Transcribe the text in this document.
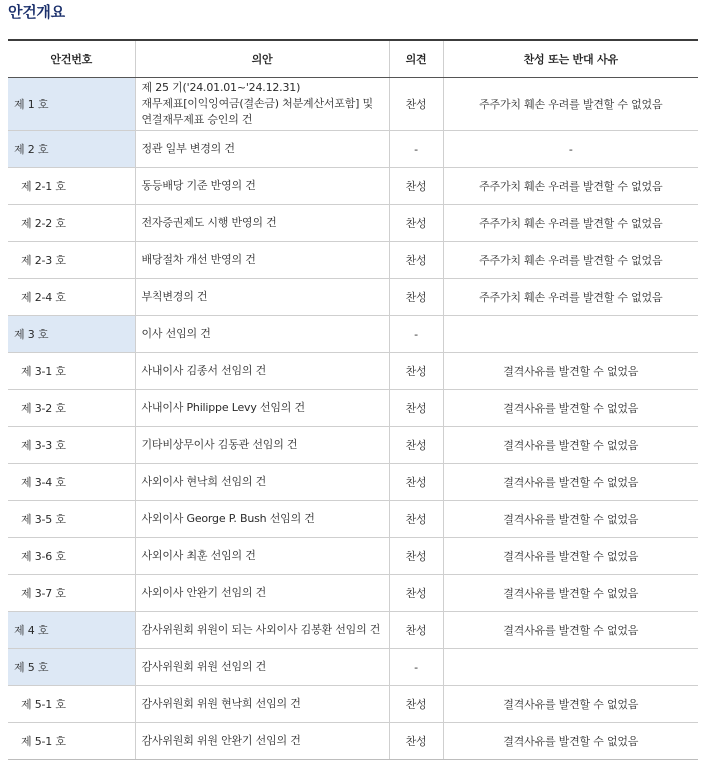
안건개요
안건번호	의안	의견	찬성 또는 반대 사유
제 1 호	제 25 기('24.01.01~'24.12.31)
재무제표[이익잉여금(결손금) 처분계산서포함] 및
연결재무제표 승인의 건	찬성	주주가치 훼손 우려를 발견할 수 없었음
제 2 호	정관 일부 변경의 건	-	-
제 2-1 호	동등배당 기준 반영의 건	찬성	주주가치 훼손 우려를 발견할 수 없었음
제 2-2 호	전자증권제도 시행 반영의 건	찬성	주주가치 훼손 우려를 발견할 수 없었음
제 2-3 호	배당절차 개선 반영의 건	찬성	주주가치 훼손 우려를 발견할 수 없었음
제 2-4 호	부칙변경의 건	찬성	주주가치 훼손 우려를 발견할 수 없었음
제 3 호	이사 선임의 건	-	
제 3-1 호	사내이사 김종서 선임의 건	찬성	결격사유를 발견할 수 없었음
제 3-2 호	사내이사 Philippe Levy 선임의 건	찬성	결격사유를 발견할 수 없었음
제 3-3 호	기타비상무이사 김동관 선임의 건	찬성	결격사유를 발견할 수 없었음
제 3-4 호	사외이사 현낙희 선임의 건	찬성	결격사유를 발견할 수 없었음
제 3-5 호	사외이사 George P. Bush 선임의 건	찬성	결격사유를 발견할 수 없었음
제 3-6 호	사외이사 최훈 선임의 건	찬성	결격사유를 발견할 수 없었음
제 3-7 호	사외이사 안완기 선임의 건	찬성	결격사유를 발견할 수 없었음
제 4 호	감사위원회 위원이 되는 사외이사 김봉환 선임의 건	찬성	결격사유를 발견할 수 없었음
제 5 호	감사위원회 위원 선임의 건	-	
제 5-1 호	감사위원회 위원 현낙희 선임의 건	찬성	결격사유를 발견할 수 없었음
제 5-1 호	감사위원회 위원 안완기 선임의 건	찬성	결격사유를 발견할 수 없었음
